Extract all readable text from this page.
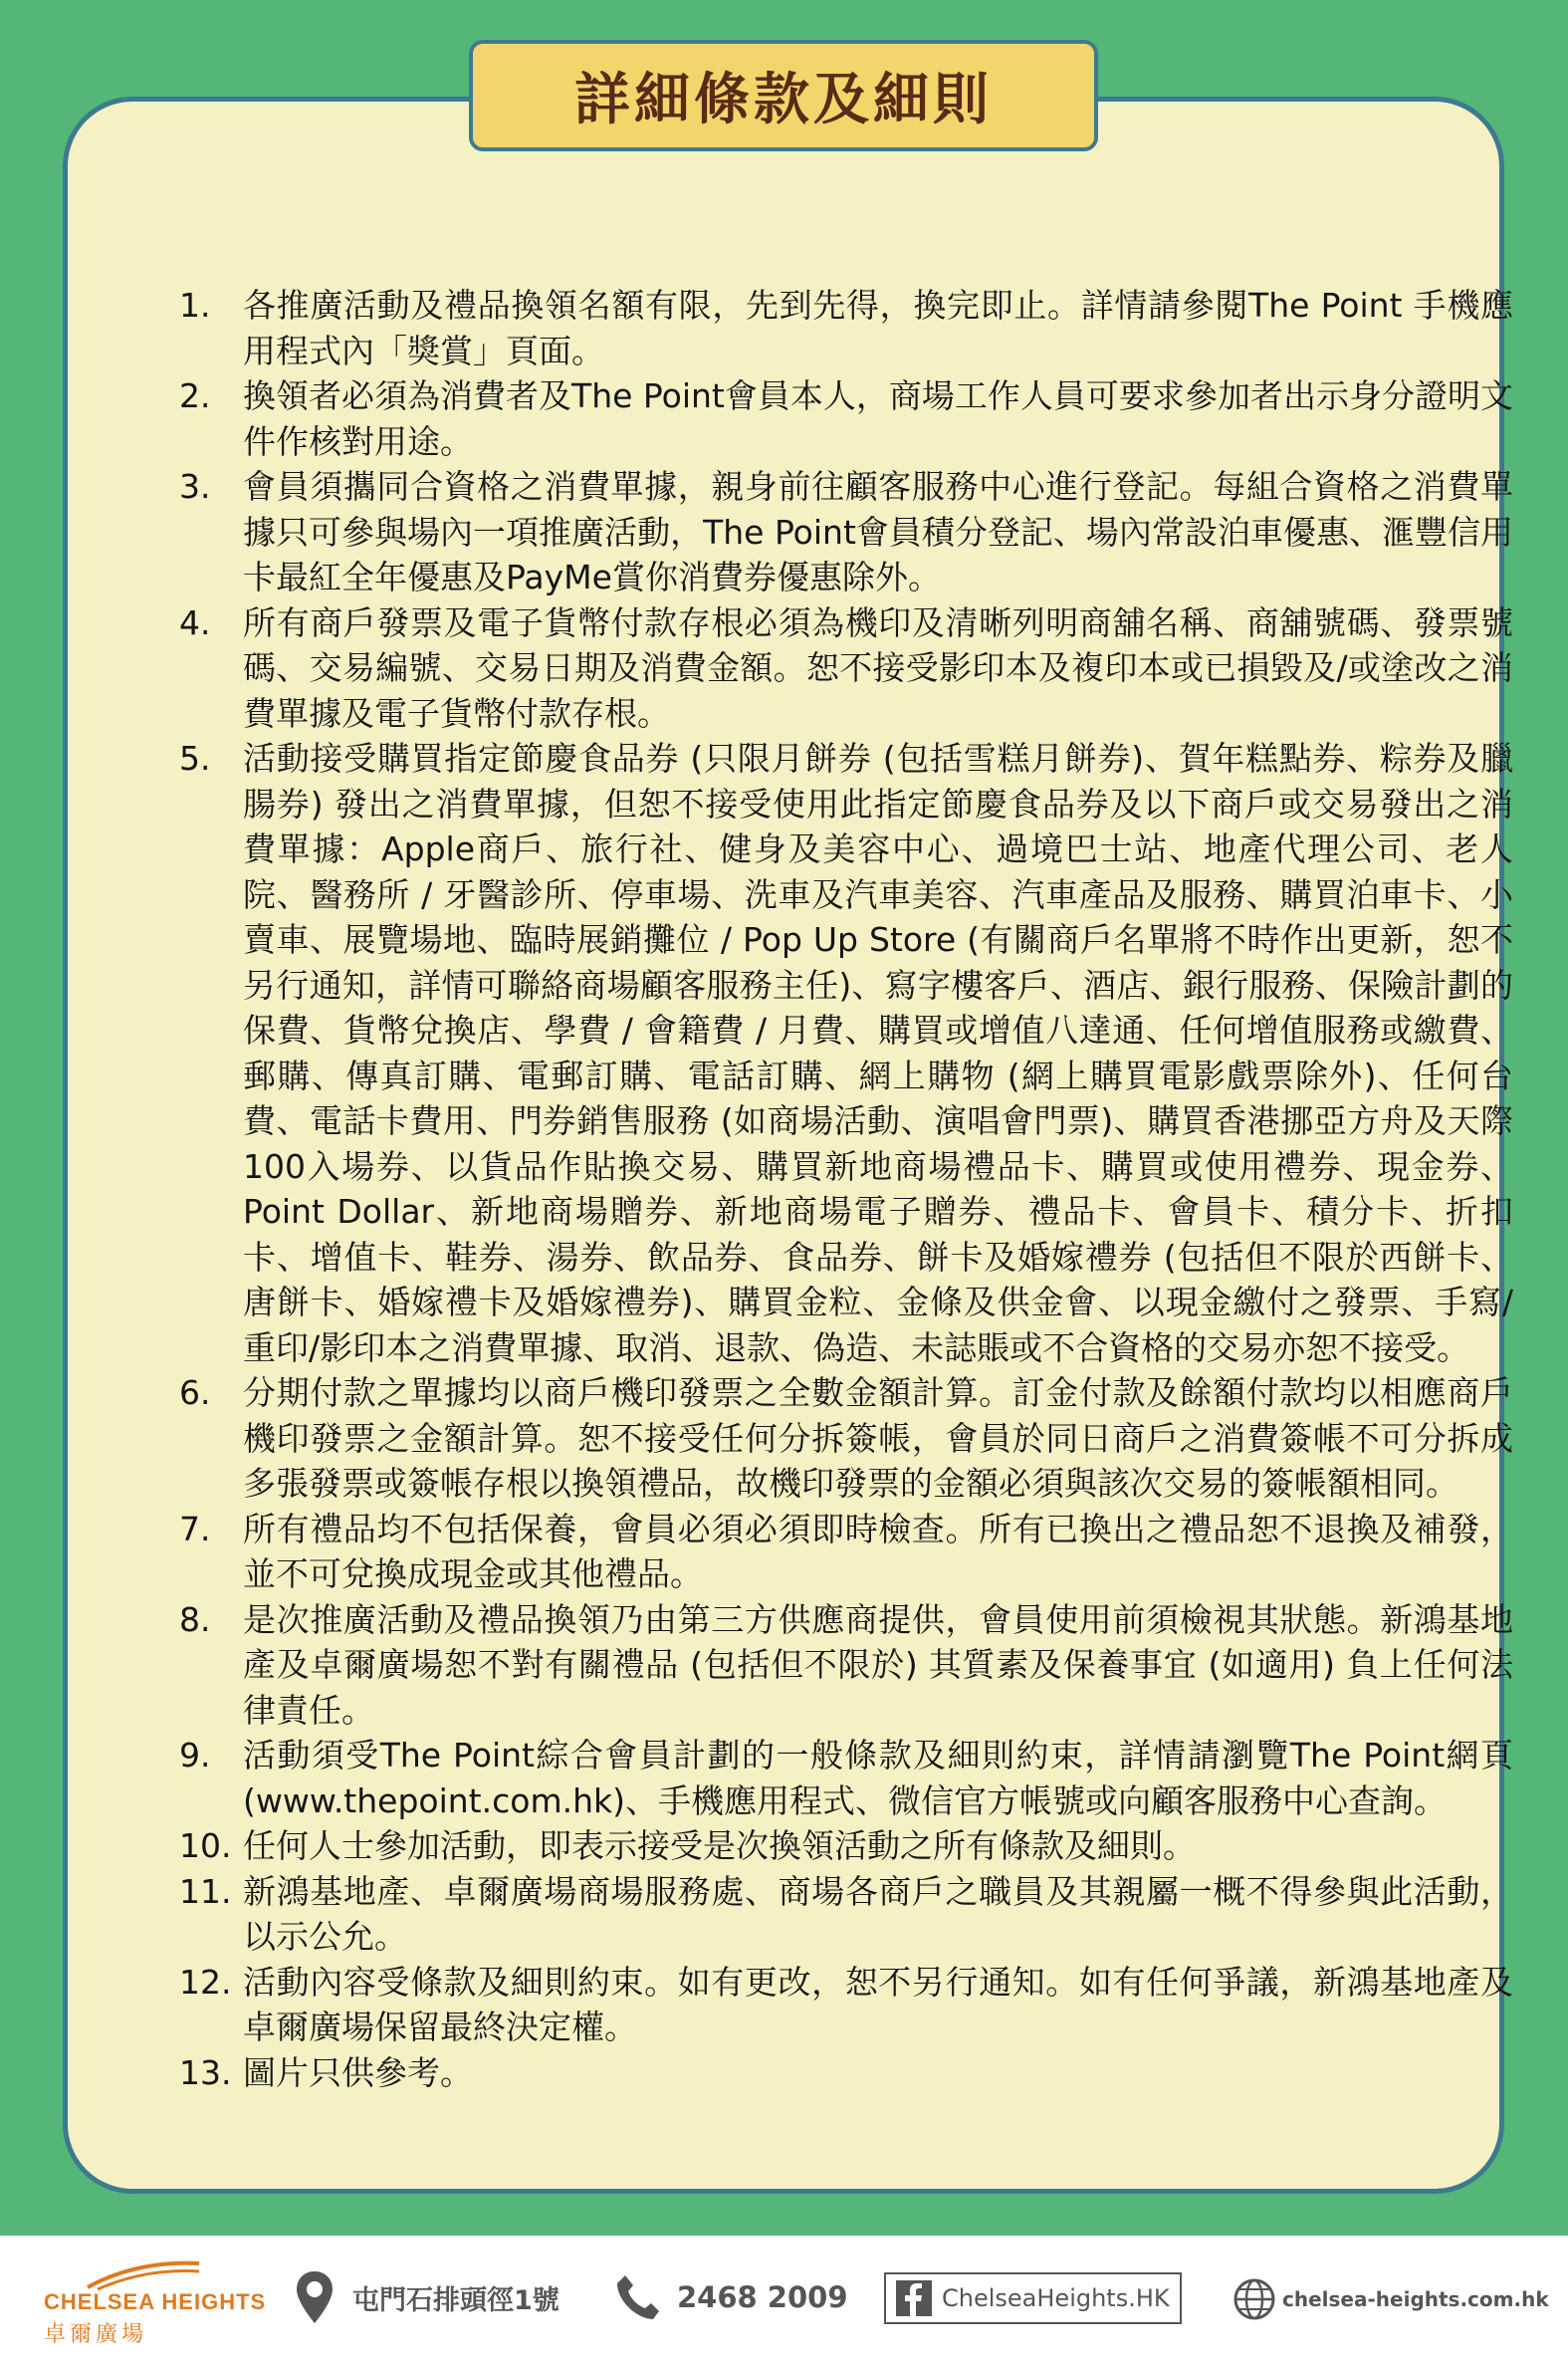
1. 各推廣活動及禮品換領名額有限，先到先得，換完即止。詳情請參閱The Point 手機應用程式內「獎賞」頁面。
2. 換領者必須為消費者及The Point會員本人，商場工作人員可要求參加者出示身分證明文件作核對用途。
3. 會員須攜同合資格之消費單據，親身前往顧客服務中心進行登記。每組合資格之消費單據只可參與場內一項推廣活動，The Point會員積分登記、場內常設泊車優惠、滙豐信用卡最紅全年優惠及PayMe賞你消費券優惠除外。
4. 所有商戶發票及電子貨幣付款存根必須為機印及清晰列明商舖名稱、商舖號碼、發票號碼、交易編號、交易日期及消費金額。恕不接受影印本及複印本或已損毀及/或塗改之消費單據及電子貨幣付款存根。
5. 活動接受購買指定節慶食品券 (只限月餅券 (包括雪糕月餅券)、賀年糕點券、粽券及臘腸券) 發出之消費單據，但恕不接受使用此指定節慶食品券及以下商戶或交易發出之消費單據：Apple商戶、旅行社、健身及美容中心、過境巴士站、地產代理公司、老人院、醫務所 / 牙醫診所、停車場、洗車及汽車美容、汽車產品及服務、購買泊車卡、小賣車、展覽場地、臨時展銷攤位 / Pop Up Store (有關商戶名單將不時作出更新，恕不另行通知，詳情可聯絡商場顧客服務主任)、寫字樓客戶、酒店、銀行服務、保險計劃的保費、貨幣兌換店、學費 / 會籍費 / 月費、購買或增值八達通、任何增值服務或繳費、郵購、傳真訂購、電郵訂購、電話訂購、網上購物 (網上購買電影戲票除外)、任何台費、電話卡費用、門券銷售服務 (如商場活動、演唱會門票)、購買香港挪亞方舟及天際100入場券、以貨品作貼換交易、購買新地商場禮品卡、購買或使用禮券、現金券、Point Dollar、新地商場贈券、新地商場電子贈券、禮品卡、會員卡、積分卡、折扣卡、增值卡、鞋券、湯券、飲品券、食品券、餅卡及婚嫁禮券 (包括但不限於西餅卡、唐餅卡、婚嫁禮卡及婚嫁禮券)、購買金粒、金條及供金會、以現金繳付之發票、手寫/重印/影印本之消費單據、取消、退款、偽造、未誌賬或不合資格的交易亦恕不接受。
6. 分期付款之單據均以商戶機印發票之全數金額計算。訂金付款及餘額付款均以相應商戶機印發票之金額計算。恕不接受任何分拆簽帳，會員於同日商戶之消費簽帳不可分拆成多張發票或簽帳存根以換領禮品，故機印發票的金額必須與該次交易的簽帳額相同。
7. 所有禮品均不包括保養，會員必須必須即時檢查。所有已換出之禮品恕不退換及補發，並不可兌換成現金或其他禮品。
8. 是次推廣活動及禮品換領乃由第三方供應商提供，會員使用前須檢視其狀態。新鴻基地產及卓爾廣場恕不對有關禮品 (包括但不限於) 其質素及保養事宜 (如適用) 負上任何法律責任。
9. 活動須受The Point綜合會員計劃的一般條款及細則約束，詳情請瀏覽The Point網頁 (www.thepoint.com.hk)、手機應用程式、微信官方帳號或向顧客服務中心查詢。
10. 任何人士參加活動，即表示接受是次換領活動之所有條款及細則。
11. 新鴻基地產、卓爾廣場商場服務處、商場各商戶之職員及其親屬一概不得參與此活動，以示公允。
12. 活動內容受條款及細則約束。如有更改，恕不另行通知。如有任何爭議，新鴻基地產及卓爾廣場保留最終決定權。
13. 圖片只供參考。
詳細條款及細則
CHELSEA HEIGHTS
卓爾廣場
屯門石排頭徑1號	2468 2009	ChelseaHeights.HK	chelsea-heights.com.hk
